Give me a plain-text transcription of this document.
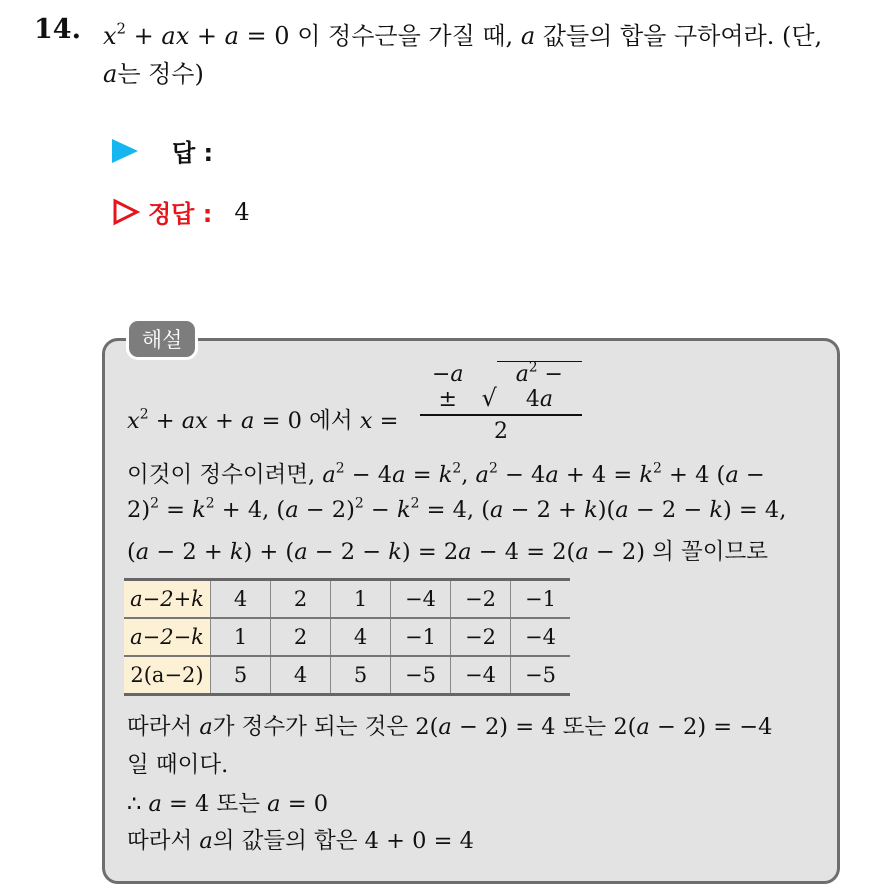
14. $x^2$ + ax + a = 0 이 정수근을 가질 때, a 값들의 합을 구하여라. (단,
a는 정수)
답 :
정답 : 4
해설
$x^2$ + ax + a = 0 에서 x =
−a ±	√
$a^2 - 4a$
2
이것이 정수이려면, $a^2 - 4a = k^2$, $a^2 - 4a + 4 = k^2 + 4$ (a −
$2)^2 = k^2 + 4$, $(a - 2)^2 - k^2 = 4$, (a − 2 + k)(a − 2 − k) = 4,
(a − 2 + k) + (a − 2 − k) = 2a − 4 = 2(a − 2) 의 꼴이므로
a−2+k	4	2	1	−4	−2	−1
a−2−k	1	2	4	−1	−2	−4
2(a−2)	5	4	5	−5	−4	−5
따라서 a가 정수가 되는 것은 2(a − 2) = 4 또는 2(a − 2) = −4
일 때이다.
∴ a = 4 또는 a = 0
따라서 a의 값들의 합은 4 + 0 = 4
